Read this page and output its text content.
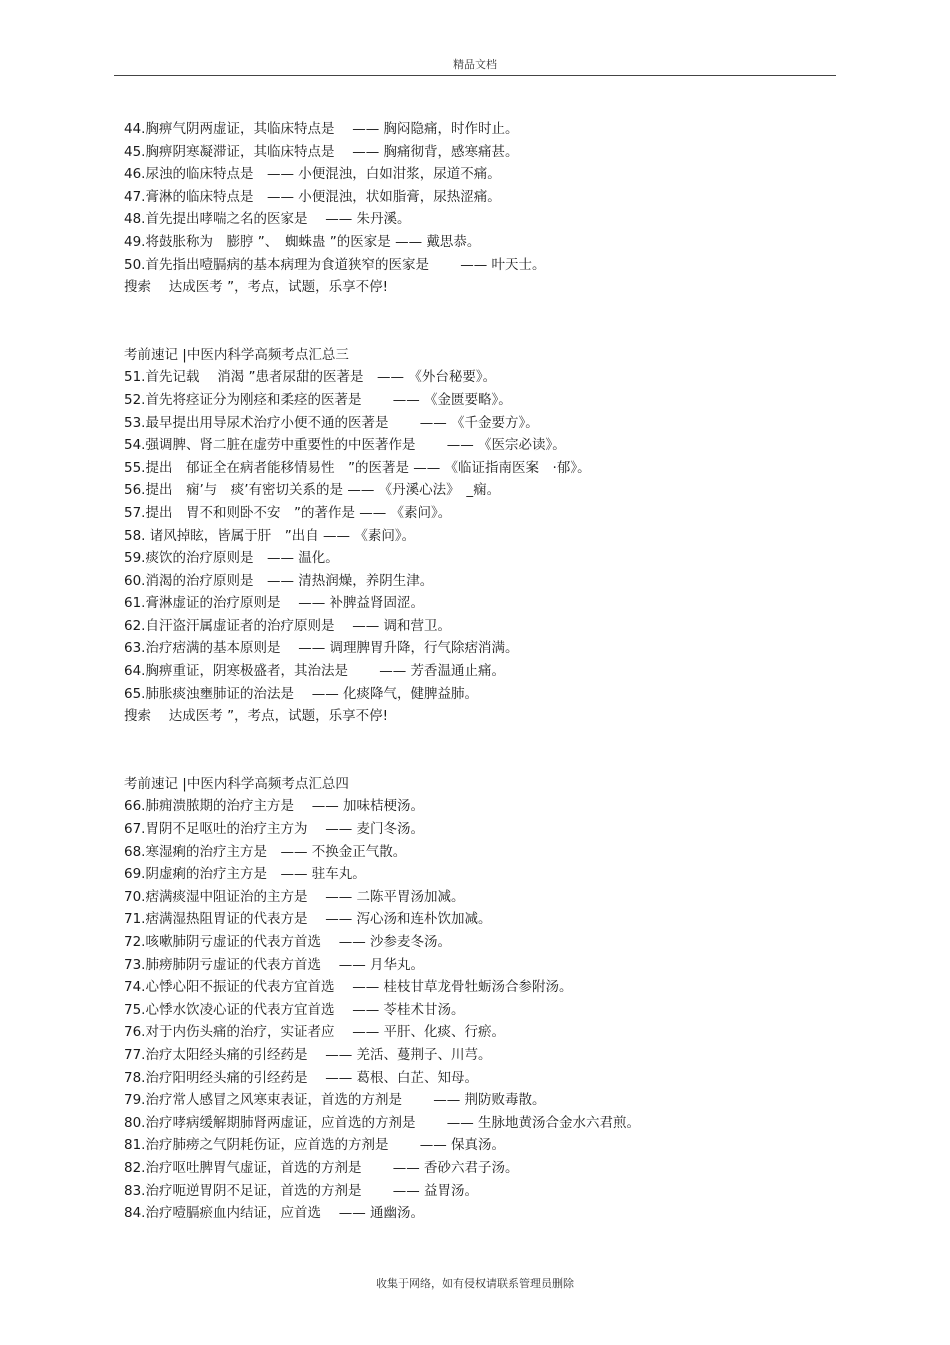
精品文档
44.胸痹气阴两虚证，其临床特点是　 —— 胸闷隐痛，时作时止。
45.胸痹阴寒凝滞证，其临床特点是　 —— 胸痛彻背，感寒痛甚。
46.尿浊的临床特点是　—— 小便混浊，白如泔浆，尿道不痛。
47.膏淋的临床特点是　—— 小便混浊，状如脂膏，尿热涩痛。
48.首先提出哮喘之名的医家是　 —— 朱丹溪。
49.将鼓胀称为　膨脝 ”、　蜘蛛蛊 ”的医家是 —— 戴思恭。
50.首先指出噎膈病的基本病理为食道狭窄的医家是　　 —— 叶天士。
搜索　 达成医考 ”，考点，试题，乐享不停!
考前速记 |中医内科学高频考点汇总三
51.首先记载　 消渴 ”患者尿甜的医著是　—— 《外台秘要》。
52.首先将痉证分为刚痉和柔痉的医著是　　 —— 《金匮要略》。
53.最早提出用导尿术治疗小便不通的医著是　　 —— 《千金要方》。
54.强调脾、肾二脏在虚劳中重要性的中医著作是　　 —— 《医宗必读》。
55.提出　郁证全在病者能移情易性　”的医著是 —— 《临证指南医案　·郁》。
56.提出　痫’与　痰’有密切关系的是 —— 《丹溪心法》　_痫。
57.提出　胃不和则卧不安　”的著作是 —— 《素问》。
58. 诸风掉眩，皆属于肝　”出自 —— 《素问》。
59.痰饮的治疗原则是　—— 温化。
60.消渴的治疗原则是　—— 清热润燥，养阴生津。
61.膏淋虚证的治疗原则是　 —— 补脾益肾固涩。
62.自汗盗汗属虚证者的治疗原则是　 —— 调和营卫。
63.治疗痞满的基本原则是　 —— 调理脾胃升降，行气除痞消满。
64.胸痹重证，阴寒极盛者，其治法是　　 —— 芳香温通止痛。
65.肺胀痰浊壅肺证的治法是　 —— 化痰降气，健脾益肺。
搜索　 达成医考 ”，考点，试题，乐享不停!
考前速记 |中医内科学高频考点汇总四
66.肺痈溃脓期的治疗主方是　 —— 加味桔梗汤。
67.胃阴不足呕吐的治疗主方为　 —— 麦门冬汤。
68.寒湿痢的治疗主方是　—— 不换金正气散。
69.阴虚痢的治疗主方是　—— 驻车丸。
70.痞满痰湿中阻证治的主方是　 —— 二陈平胃汤加减。
71.痞满湿热阻胃证的代表方是　 —— 泻心汤和连朴饮加减。
72.咳嗽肺阴亏虚证的代表方首选　 —— 沙参麦冬汤。
73.肺痨肺阴亏虚证的代表方首选　 —— 月华丸。
74.心悸心阳不振证的代表方宜首选　 —— 桂枝甘草龙骨牡蛎汤合参附汤。
75.心悸水饮凌心证的代表方宜首选　 —— 苓桂术甘汤。
76.对于内伤头痛的治疗，实证者应　 —— 平肝、化痰、行瘀。
77.治疗太阳经头痛的引经药是　 —— 羌活、蔓荆子、川芎。
78.治疗阳明经头痛的引经药是　 —— 葛根、白芷、知母。
79.治疗常人感冒之风寒束表证，首选的方剂是　　 —— 荆防败毒散。
80.治疗哮病缓解期肺肾两虚证，应首选的方剂是　　 —— 生脉地黄汤合金水六君煎。
81.治疗肺痨之气阴耗伤证，应首选的方剂是　　 —— 保真汤。
82.治疗呕吐脾胃气虚证，首选的方剂是　　 —— 香砂六君子汤。
83.治疗呃逆胃阴不足证，首选的方剂是　　 —— 益胃汤。
84.治疗噎膈瘀血内结证，应首选　 —— 通幽汤。
收集于网络，如有侵权请联系管理员删除
